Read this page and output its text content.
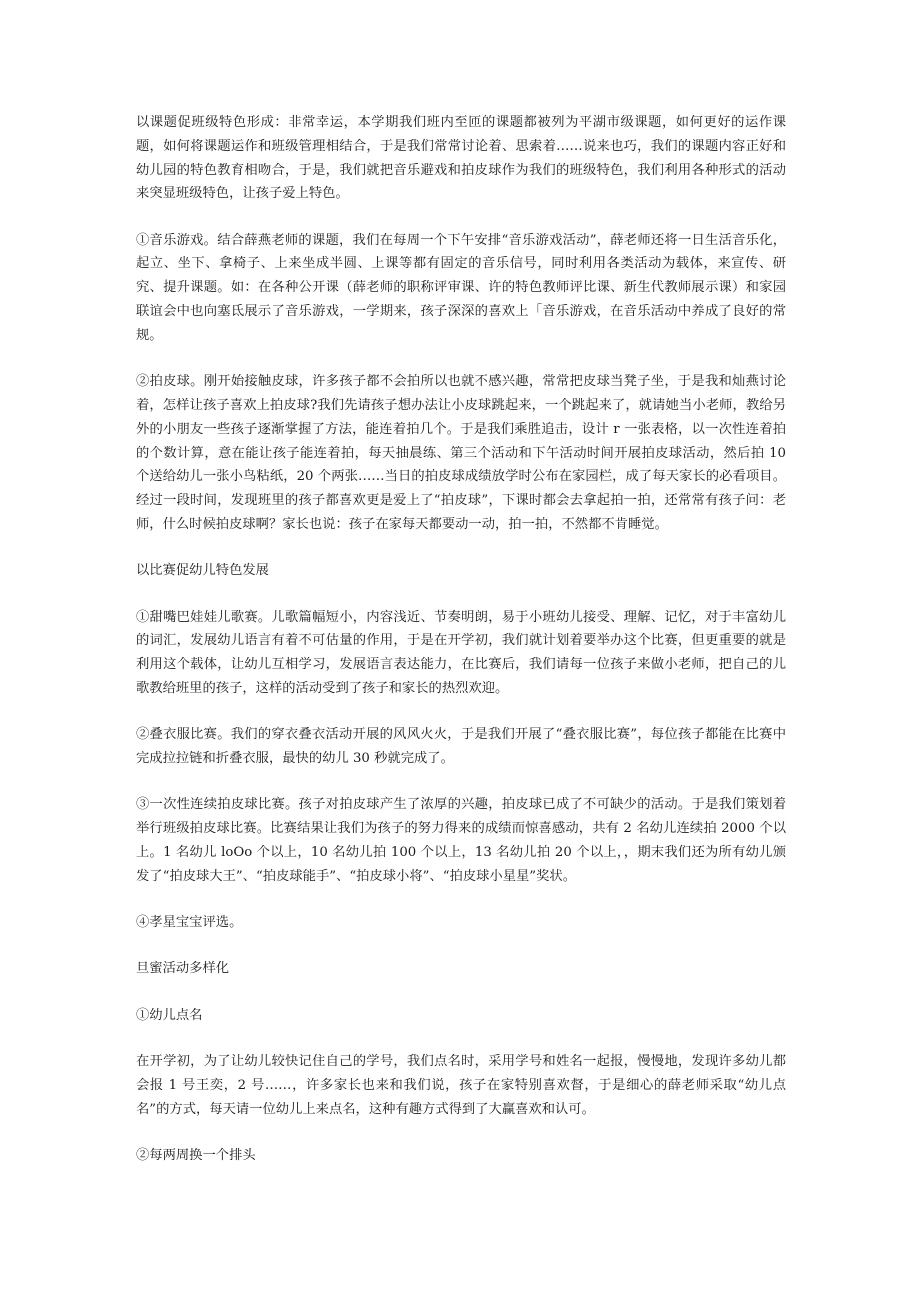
以课题促班级特色形成：非常幸运，本学期我们班内至匝的课题都被列为平湖市级课题，如何更好的运作课题，如何将课题运作和班级管理相结合，于是我们常常讨论着、思索着……说来也巧，我们的课题内容正好和幼儿园的特色教育相吻合，于是，我们就把音乐避戏和拍皮球作为我们的班级特色，我们利用各种形式的活动来突显班级特色，让孩子爱上特色。

①音乐游戏。结合薛燕老师的课题，我们在每周一个下午安排“音乐游戏活动”，薛老师还将一日生活音乐化，起立、坐下、拿椅子、上来坐成半圆、上课等都有固定的音乐信号，同时利用各类活动为载体，来宣传、研究、提升课题。如：在各种公开课（薛老师的职称评审课、许的特色教师评比课、新生代教师展示课）和家园联谊会中也向塞氐展示了音乐游戏，一学期来，孩子深深的喜欢上「音乐游戏，在音乐活动中养成了良好的常规。

②拍皮球。刚开始接触皮球，许多孩子都不会拍所以也就不感兴趣，常常把皮球当凳子坐，于是我和灿燕讨论着，怎样让孩子喜欢上拍皮球?我们先请孩子想办法让小皮球跳起来，一个跳起来了，就请她当小老师，教给另外的小朋友一些孩子逐渐掌握了方法，能连着拍几个。于是我们乘胜追击，设计 r 一张表格，以一次性连着拍的个数计算，意在能让孩子能连着拍，每天抽晨练、第三个活动和下午活动时间开展拍皮球活动，然后拍 10 个送给幼儿一张小鸟粘纸，20 个两张……当日的拍皮球成绩放学时公布在家园栏，成了每天家长的必看项目。经过一段时间，发现班里的孩子都喜欢更是爱上了“拍皮球”，下课时都会去拿起拍一拍，还常常有孩子问：老师，什么时候拍皮球啊？家长也说：孩子在家每天都要动一动，拍一拍，不然都不肯睡觉。

以比赛促幼儿特色发展

①甜嘴巴娃娃儿歌赛。儿歌篇幅短小，内容浅近、节奏明朗，易于小班幼儿接受、理解、记忆，对于丰富幼儿的词汇，发展幼儿语言有着不可估量的作用，于是在开学初，我们就计划着要举办这个比赛，但更重要的就是利用这个载体，让幼儿互相学习，发展语言表达能力，在比赛后，我们请每一位孩子来做小老师，把自己的儿歌教给班里的孩子，这样的活动受到了孩子和家长的热烈欢迎。

②叠衣服比赛。我们的穿衣叠衣活动开展的风风火火，于是我们开展了“叠衣服比赛”，每位孩子都能在比赛中完成拉拉链和折叠衣服，最快的幼儿 30 秒就完成了。

③一次性连续拍皮球比赛。孩子对拍皮球产生了浓厚的兴趣，拍皮球已成了不可缺少的活动。于是我们策划着举行班级拍皮球比赛。比赛结果让我们为孩子的努力得来的成绩而惊喜感动，共有 2 名幼儿连续拍 2000 个以上。1 名幼儿 loOo 个以上，10 名幼儿拍 100 个以上，13 名幼儿拍 20 个以上，，期末我们还为所有幼儿颁发了“拍皮球大王”、“拍皮球能手”、“拍皮球小将”、“拍皮球小星星”奖状。

④孝星宝宝评选。

旦蜜活动多样化

①幼儿点名

在开学初，为了让幼儿较快记住自己的学号，我们点名时，采用学号和姓名一起报，慢慢地，发现许多幼儿都会报 1 号王奕，2 号……，许多家长也来和我们说，孩子在家特别喜欢督，于是细心的薛老师采取“幼儿点名”的方式，每天请一位幼儿上来点名，这种有趣方式得到了大赢喜欢和认可。

②每两周换一个排头
